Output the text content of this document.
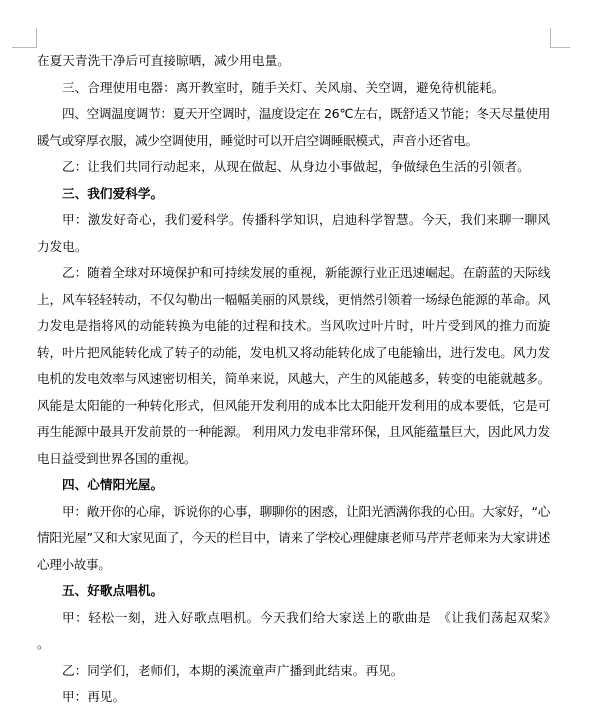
在夏天青洗干净后可直接晾晒，减少用电量。

三、合理使用电器：离开教室时，随手关灯、关风扇、关空调，避免待机能耗。

四、空调温度调节：夏天开空调时，温度设定在 26℃左右，既舒适又节能；冬天尽量使用暖气或穿厚衣服，减少空调使用，睡觉时可以开启空调睡眠模式，声音小还省电。

乙：让我们共同行动起来，从现在做起、从身边小事做起，争做绿色生活的引领者。

三、我们爱科学。

甲：激发好奇心，我们爱科学。传播科学知识，启迪科学智慧。今天，我们来聊一聊风力发电。

乙：随着全球对环境保护和可持续发展的重视，新能源行业正迅速崛起。在蔚蓝的天际线上，风车轻轻转动，不仅勾勒出一幅幅美丽的风景线，更悄然引领着一场绿色能源的革命。风力发电是指将风的动能转换为电能的过程和技术。当风吹过叶片时，叶片受到风的推力而旋转，叶片把风能转化成了转子的动能，发电机又将动能转化成了电能输出，进行发电。风力发电机的发电效率与风速密切相关，简单来说，风越大，产生的风能越多，转变的电能就越多。风能是太阳能的一种转化形式，但风能开发利用的成本比太阳能开发利用的成本要低，它是可再生能源中最具开发前景的一种能源。 利用风力发电非常环保，且风能蕴量巨大，因此风力发电日益受到世界各国的重视。

四、心情阳光屋。

甲：敞开你的心扉，诉说你的心事，聊聊你的困惑，让阳光洒满你我的心田。大家好，“心情阳光屋”又和大家见面了，今天的栏目中，请来了学校心理健康老师马芹芹老师来为大家讲述心理小故事。

五、好歌点唱机。

甲：轻松一刻，进入好歌点唱机。今天我们给大家送上的歌曲是　《让我们荡起双桨》　。

乙：同学们，老师们，本期的溪流童声广播到此结束。再见。

甲：再见。
